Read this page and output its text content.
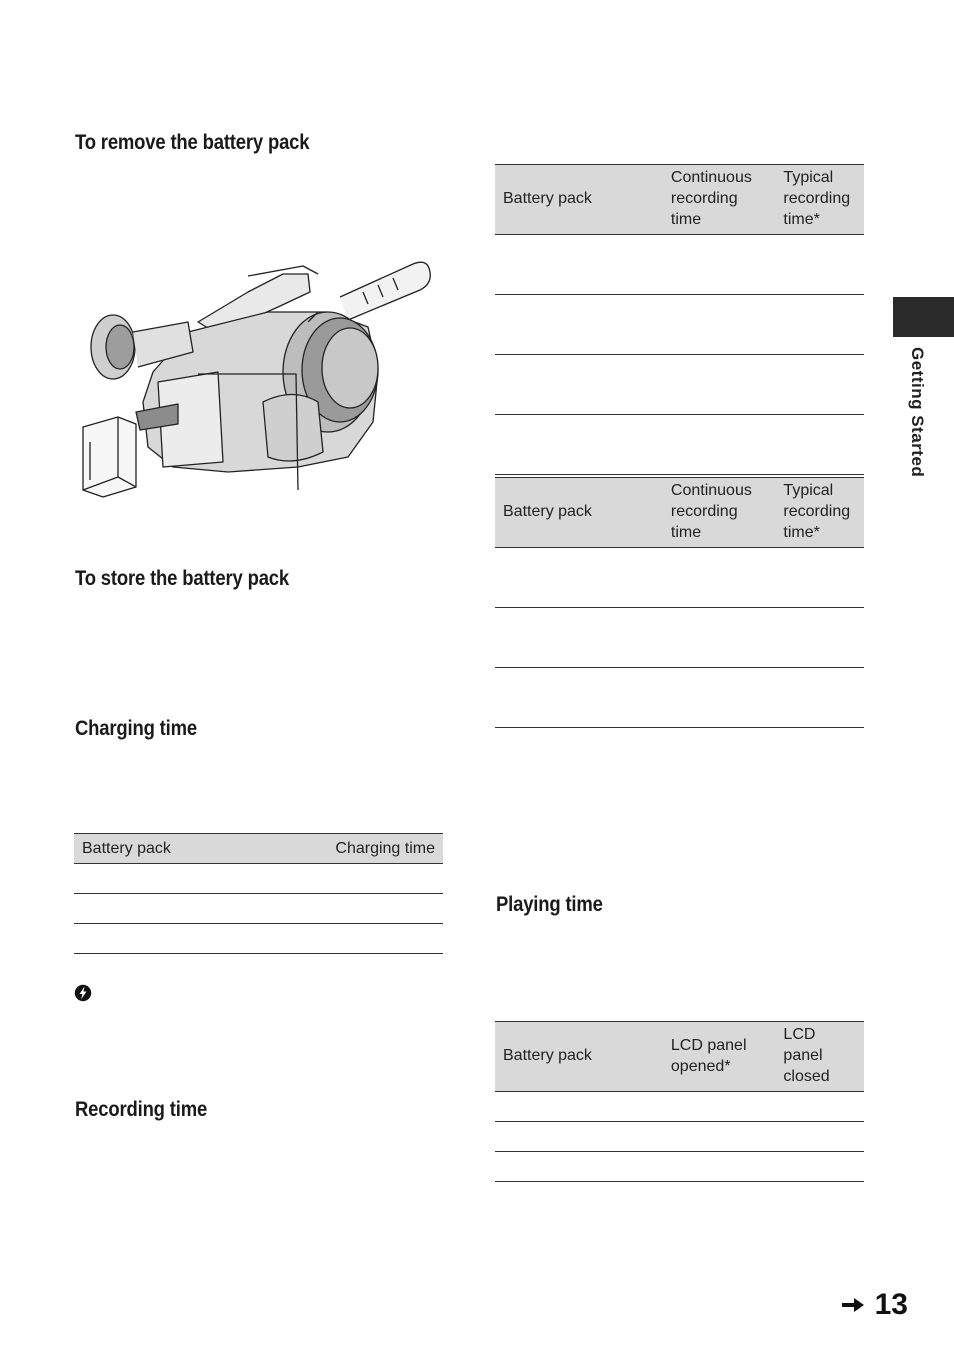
To remove the battery pack
To store the battery pack
Charging time
Battery pack	Charging time

Recording time
Battery pack	Continuous recording time	Typical recording time*

Battery pack	Continuous recording time	Typical recording time*

Playing time
Battery pack	LCD panel opened*	LCD panel closed

Getting Started
13
